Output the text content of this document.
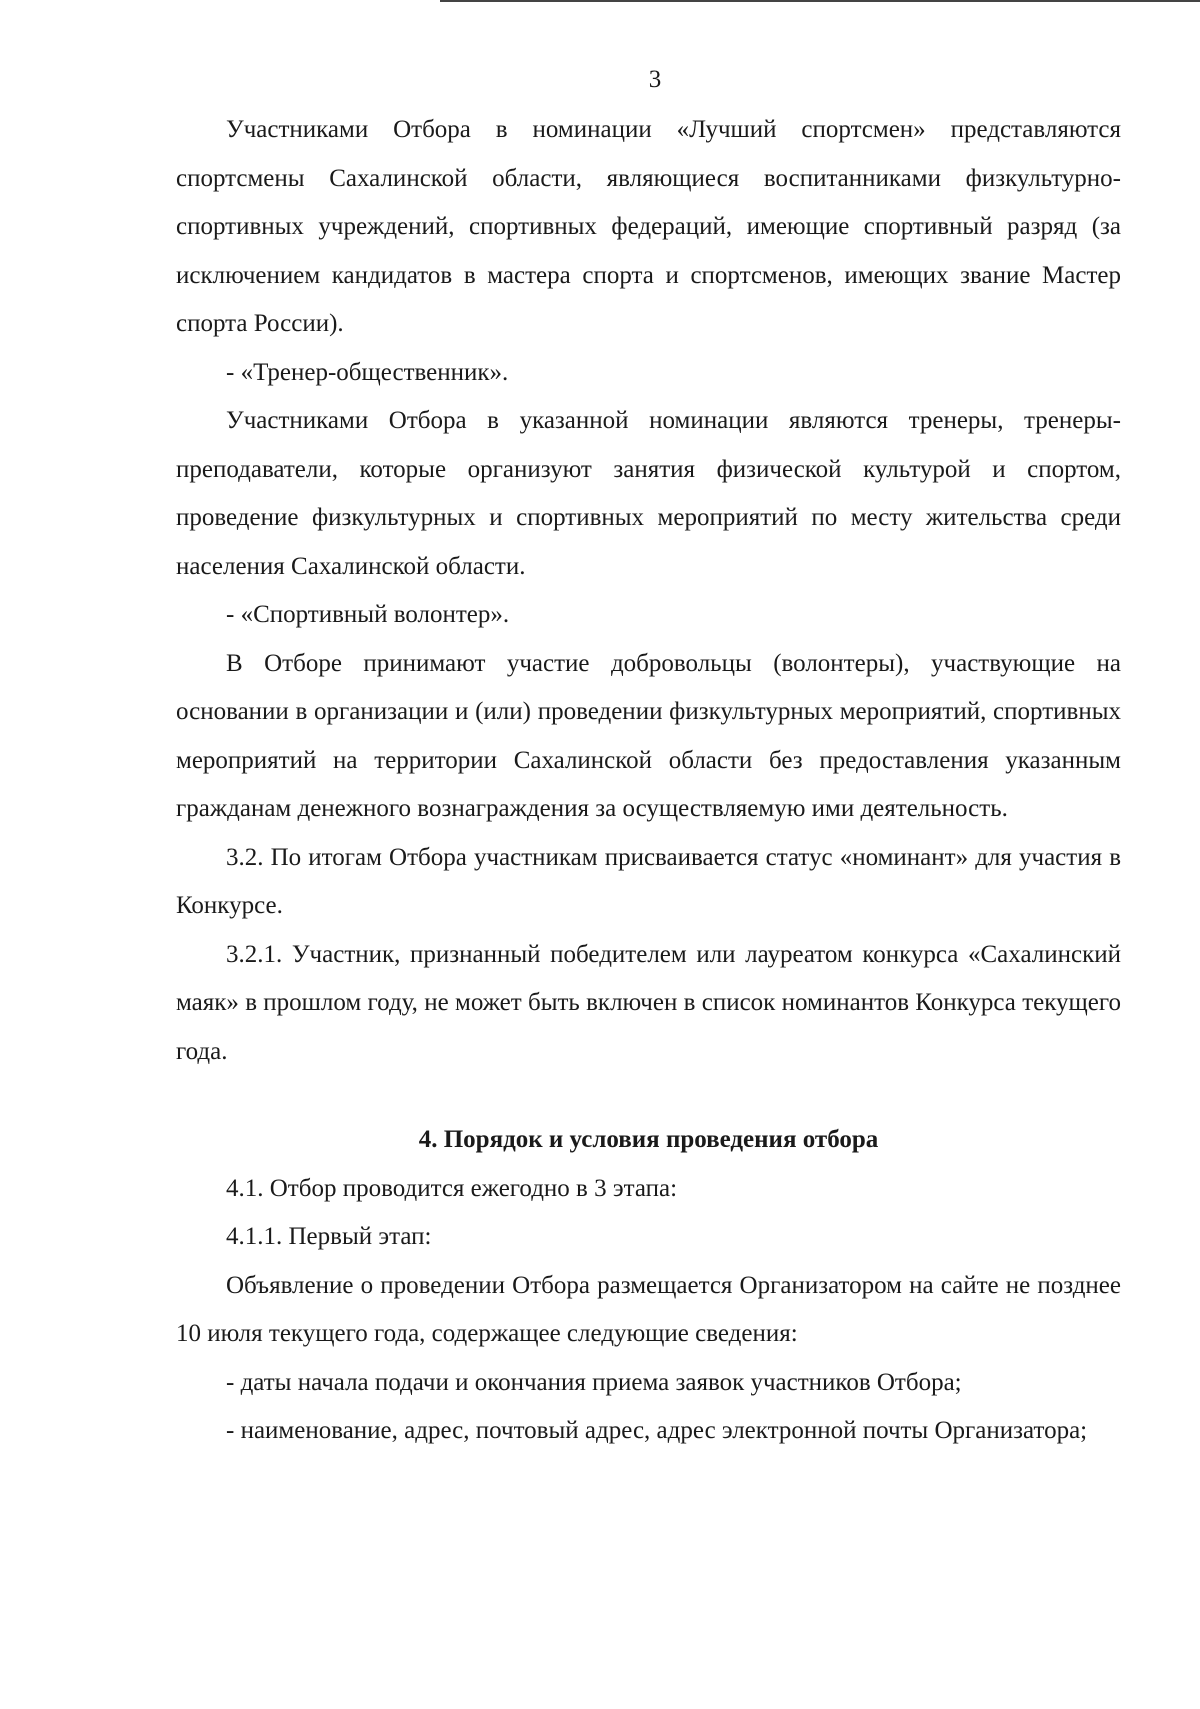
3

Участниками Отбора в номинации «Лучший спортсмен» представляются спортсмены Сахалинской области, являющиеся воспитанниками физкультурно-спортивных учреждений, спортивных федераций, имеющие спортивный разряд (за исключением кандидатов в мастера спорта и спортсменов, имеющих звание Мастер спорта России).

- «Тренер-общественник».

Участниками Отбора в указанной номинации являются тренеры, тренеры-преподаватели, которые организуют занятия физической культурой и спортом, проведение физкультурных и спортивных мероприятий по месту жительства среди населения Сахалинской области.

- «Спортивный волонтер».

В Отборе принимают участие добровольцы (волонтеры), участвующие на основании в организации и (или) проведении физкультурных мероприятий, спортивных мероприятий на территории Сахалинской области без предоставления указанным гражданам денежного вознаграждения за осуществляемую ими деятельность.

3.2. По итогам Отбора участникам присваивается статус «номинант» для участия в Конкурсе.

3.2.1. Участник, признанный победителем или лауреатом конкурса «Сахалинский маяк» в прошлом году, не может быть включен в список номинантов Конкурса текущего года.

4. Порядок и условия проведения отбора

4.1. Отбор проводится ежегодно в 3 этапа:

4.1.1. Первый этап:

Объявление о проведении Отбора размещается Организатором на сайте не позднее 10 июля текущего года, содержащее следующие сведения:

- даты начала подачи и окончания приема заявок участников Отбора;

- наименование, адрес, почтовый адрес, адрес электронной почты Организатора;
